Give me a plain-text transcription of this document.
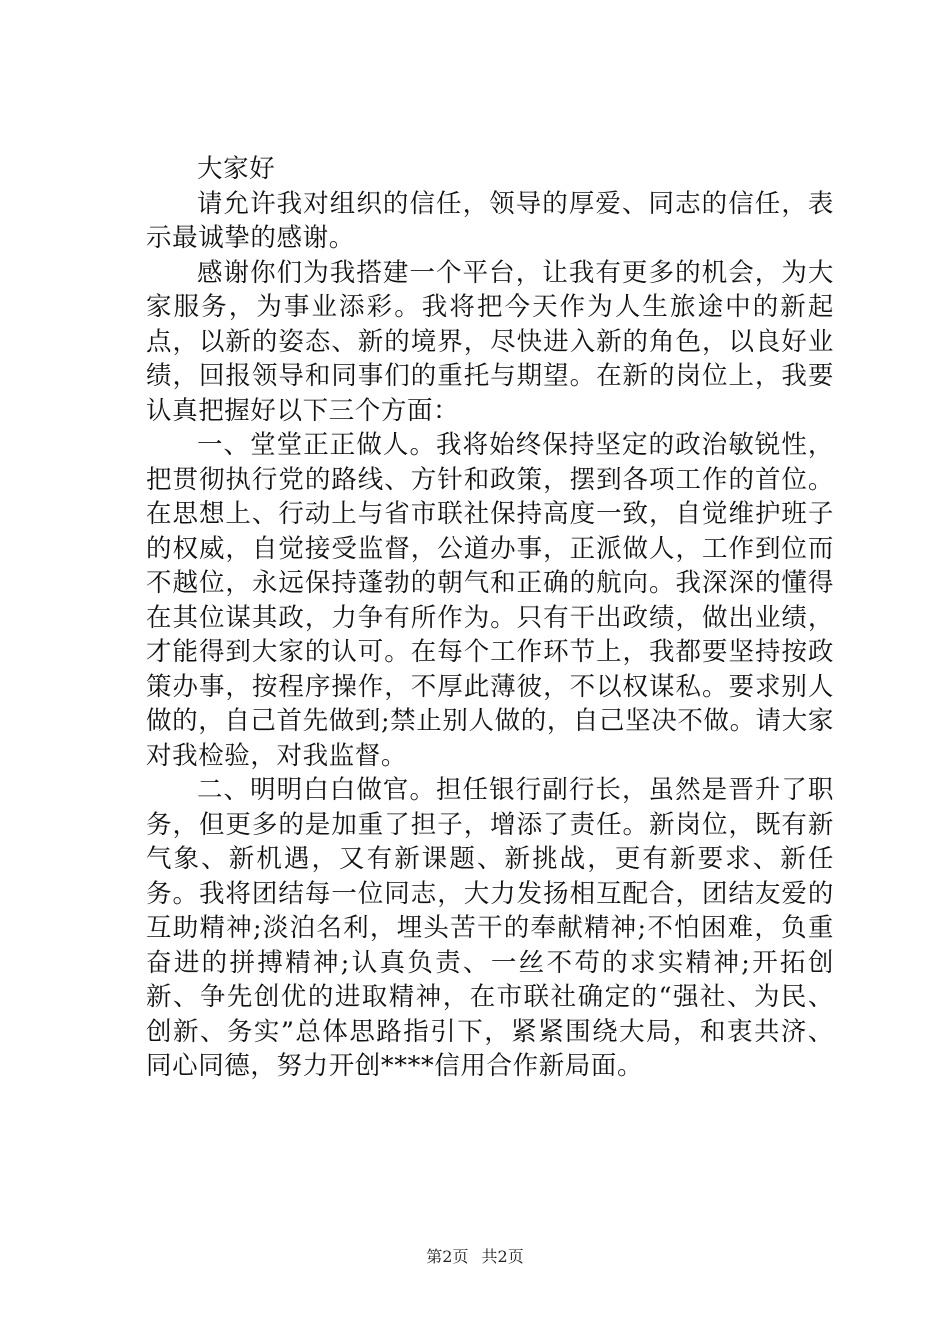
大家好

请允许我对组织的信任，领导的厚爱、同志的信任，表示最诚挚的感谢。

感谢你们为我搭建一个平台，让我有更多的机会，为大家服务，为事业添彩。我将把今天作为人生旅途中的新起点，以新的姿态、新的境界，尽快进入新的角色，以良好业绩，回报领导和同事们的重托与期望。在新的岗位上，我要认真把握好以下三个方面：

一、堂堂正正做人。我将始终保持坚定的政治敏锐性，把贯彻执行党的路线、方针和政策，摆到各项工作的首位。在思想上、行动上与省市联社保持高度一致，自觉维护班子的权威，自觉接受监督，公道办事，正派做人，工作到位而不越位，永远保持蓬勃的朝气和正确的航向。我深深的懂得在其位谋其政，力争有所作为。只有干出政绩，做出业绩，才能得到大家的认可。在每个工作环节上，我都要坚持按政策办事，按程序操作，不厚此薄彼，不以权谋私。要求别人做的，自己首先做到;禁止别人做的，自己坚决不做。请大家对我检验，对我监督。

二、明明白白做官。担任银行副行长，虽然是晋升了职务，但更多的是加重了担子，增添了责任。新岗位，既有新气象、新机遇，又有新课题、新挑战，更有新要求、新任务。我将团结每一位同志，大力发扬相互配合，团结友爱的互助精神;淡泊名利，埋头苦干的奉献精神;不怕困难，负重奋进的拼搏精神;认真负责、一丝不苟的求实精神;开拓创新、争先创优的进取精神，在市联社确定的“强社、为民、创新、务实”总体思路指引下，紧紧围绕大局，和衷共济、同心同德，努力开创****信用合作新局面。

第2页 共2页
